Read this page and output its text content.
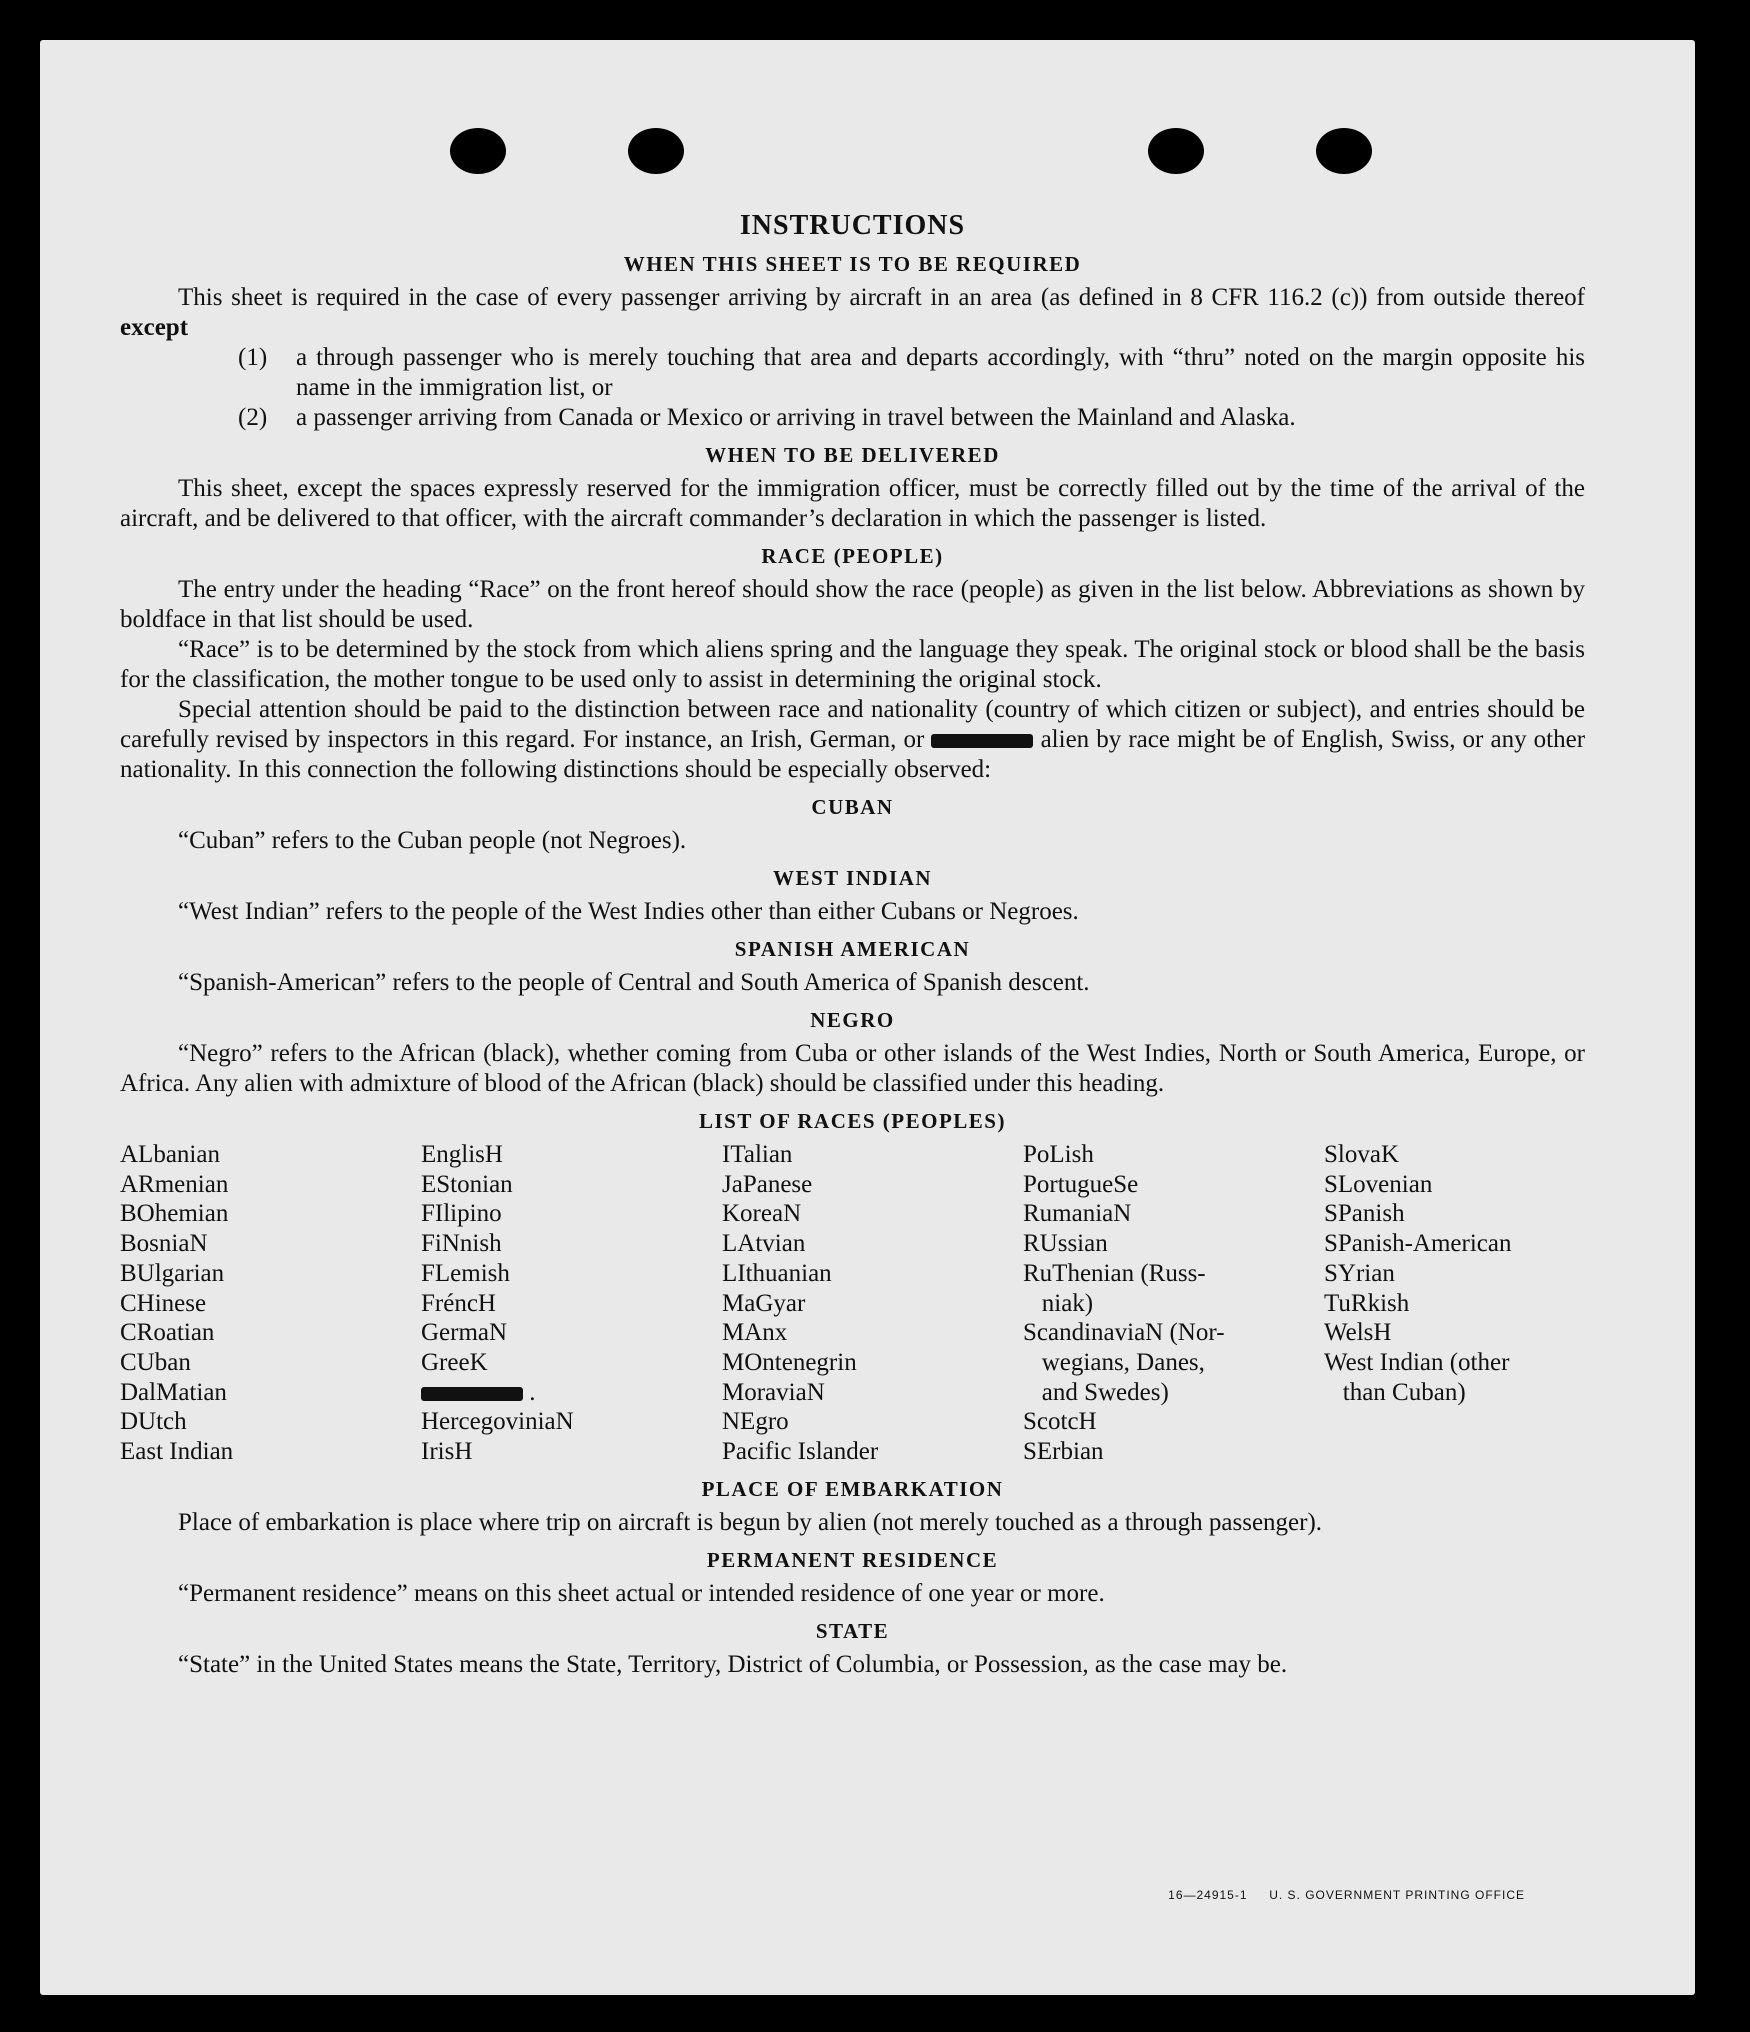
INSTRUCTIONS
WHEN THIS SHEET IS TO BE REQUIRED

This sheet is required in the case of every passenger arriving by aircraft in an area (as defined in 8 CFR 116.2 (c)) from outside thereof except

(1)	a through passenger who is merely touching that area and departs accordingly, with “thru” noted on the margin opposite his name in the immigration list, or
(2)	a passenger arriving from Canada or Mexico or arriving in travel between the Mainland and Alaska.
WHEN TO BE DELIVERED

This sheet, except the spaces expressly reserved for the immigration officer, must be correctly filled out by the time of the arrival of the aircraft, and be delivered to that officer, with the aircraft commander’s declaration in which the passenger is listed.

RACE (PEOPLE)

The entry under the heading “Race” on the front hereof should show the race (people) as given in the list below. Abbreviations as shown by boldface in that list should be used.

“Race” is to be determined by the stock from which aliens spring and the language they speak. The original stock or blood shall be the basis for the classification, the mother tongue to be used only to assist in determining the original stock.

Special attention should be paid to the distinction between race and nationality (country of which citizen or subject), and entries should be carefully revised by inspectors in this regard. For instance, an Irish, German, or	alien by race might be of English, Swiss, or any other nationality. In this connection the following distinctions should be especially observed:

CUBAN

“Cuban” refers to the Cuban people (not Negroes).

WEST INDIAN

“West Indian” refers to the people of the West Indies other than either Cubans or Negroes.

SPANISH AMERICAN

“Spanish-American” refers to the people of Central and South America of Spanish descent.

NEGRO

“Negro” refers to the African (black), whether coming from Cuba or other islands of the West Indies, North or South America, Europe, or Africa. Any alien with admixture of blood of the African (black) should be classified under this heading.

LIST OF RACES (PEOPLES)
ALbanian
ARmenian
BOhemian
BosniaN
BUlgarian
CHinese
CRoatian
CUban
DalMatian
DUtch
East Indian
EnglisH
EStonian
FIlipino
FiNnish
FLemish
FréncH
GermaN
GreeK
.
HercegoviniaN
IrisH
ITalian
JaPanese
KoreaN
LAtvian
LIthuanian
MaGyar
MAnx
MOntenegrin
MoraviaN
NEgro
Pacific Islander
PoLish
PortugueSe
RumaniaN
RUssian
RuThenian (Russ-
niak)
ScandinaviaN (Nor-
wegians, Danes,
and Swedes)
ScotcH
SErbian
SlovaK
SLovenian
SPanish
SPanish-American
SYrian
TuRkish
WelsH
West Indian (other
than Cuban)
PLACE OF EMBARKATION

Place of embarkation is place where trip on aircraft is begun by alien (not merely touched as a through passenger).

PERMANENT RESIDENCE

“Permanent residence” means on this sheet actual or intended residence of one year or more.

STATE

“State” in the United States means the State, Territory, District of Columbia, or Possession, as the case may be.

16—24915-1 U. S. GOVERNMENT PRINTING OFFICE
